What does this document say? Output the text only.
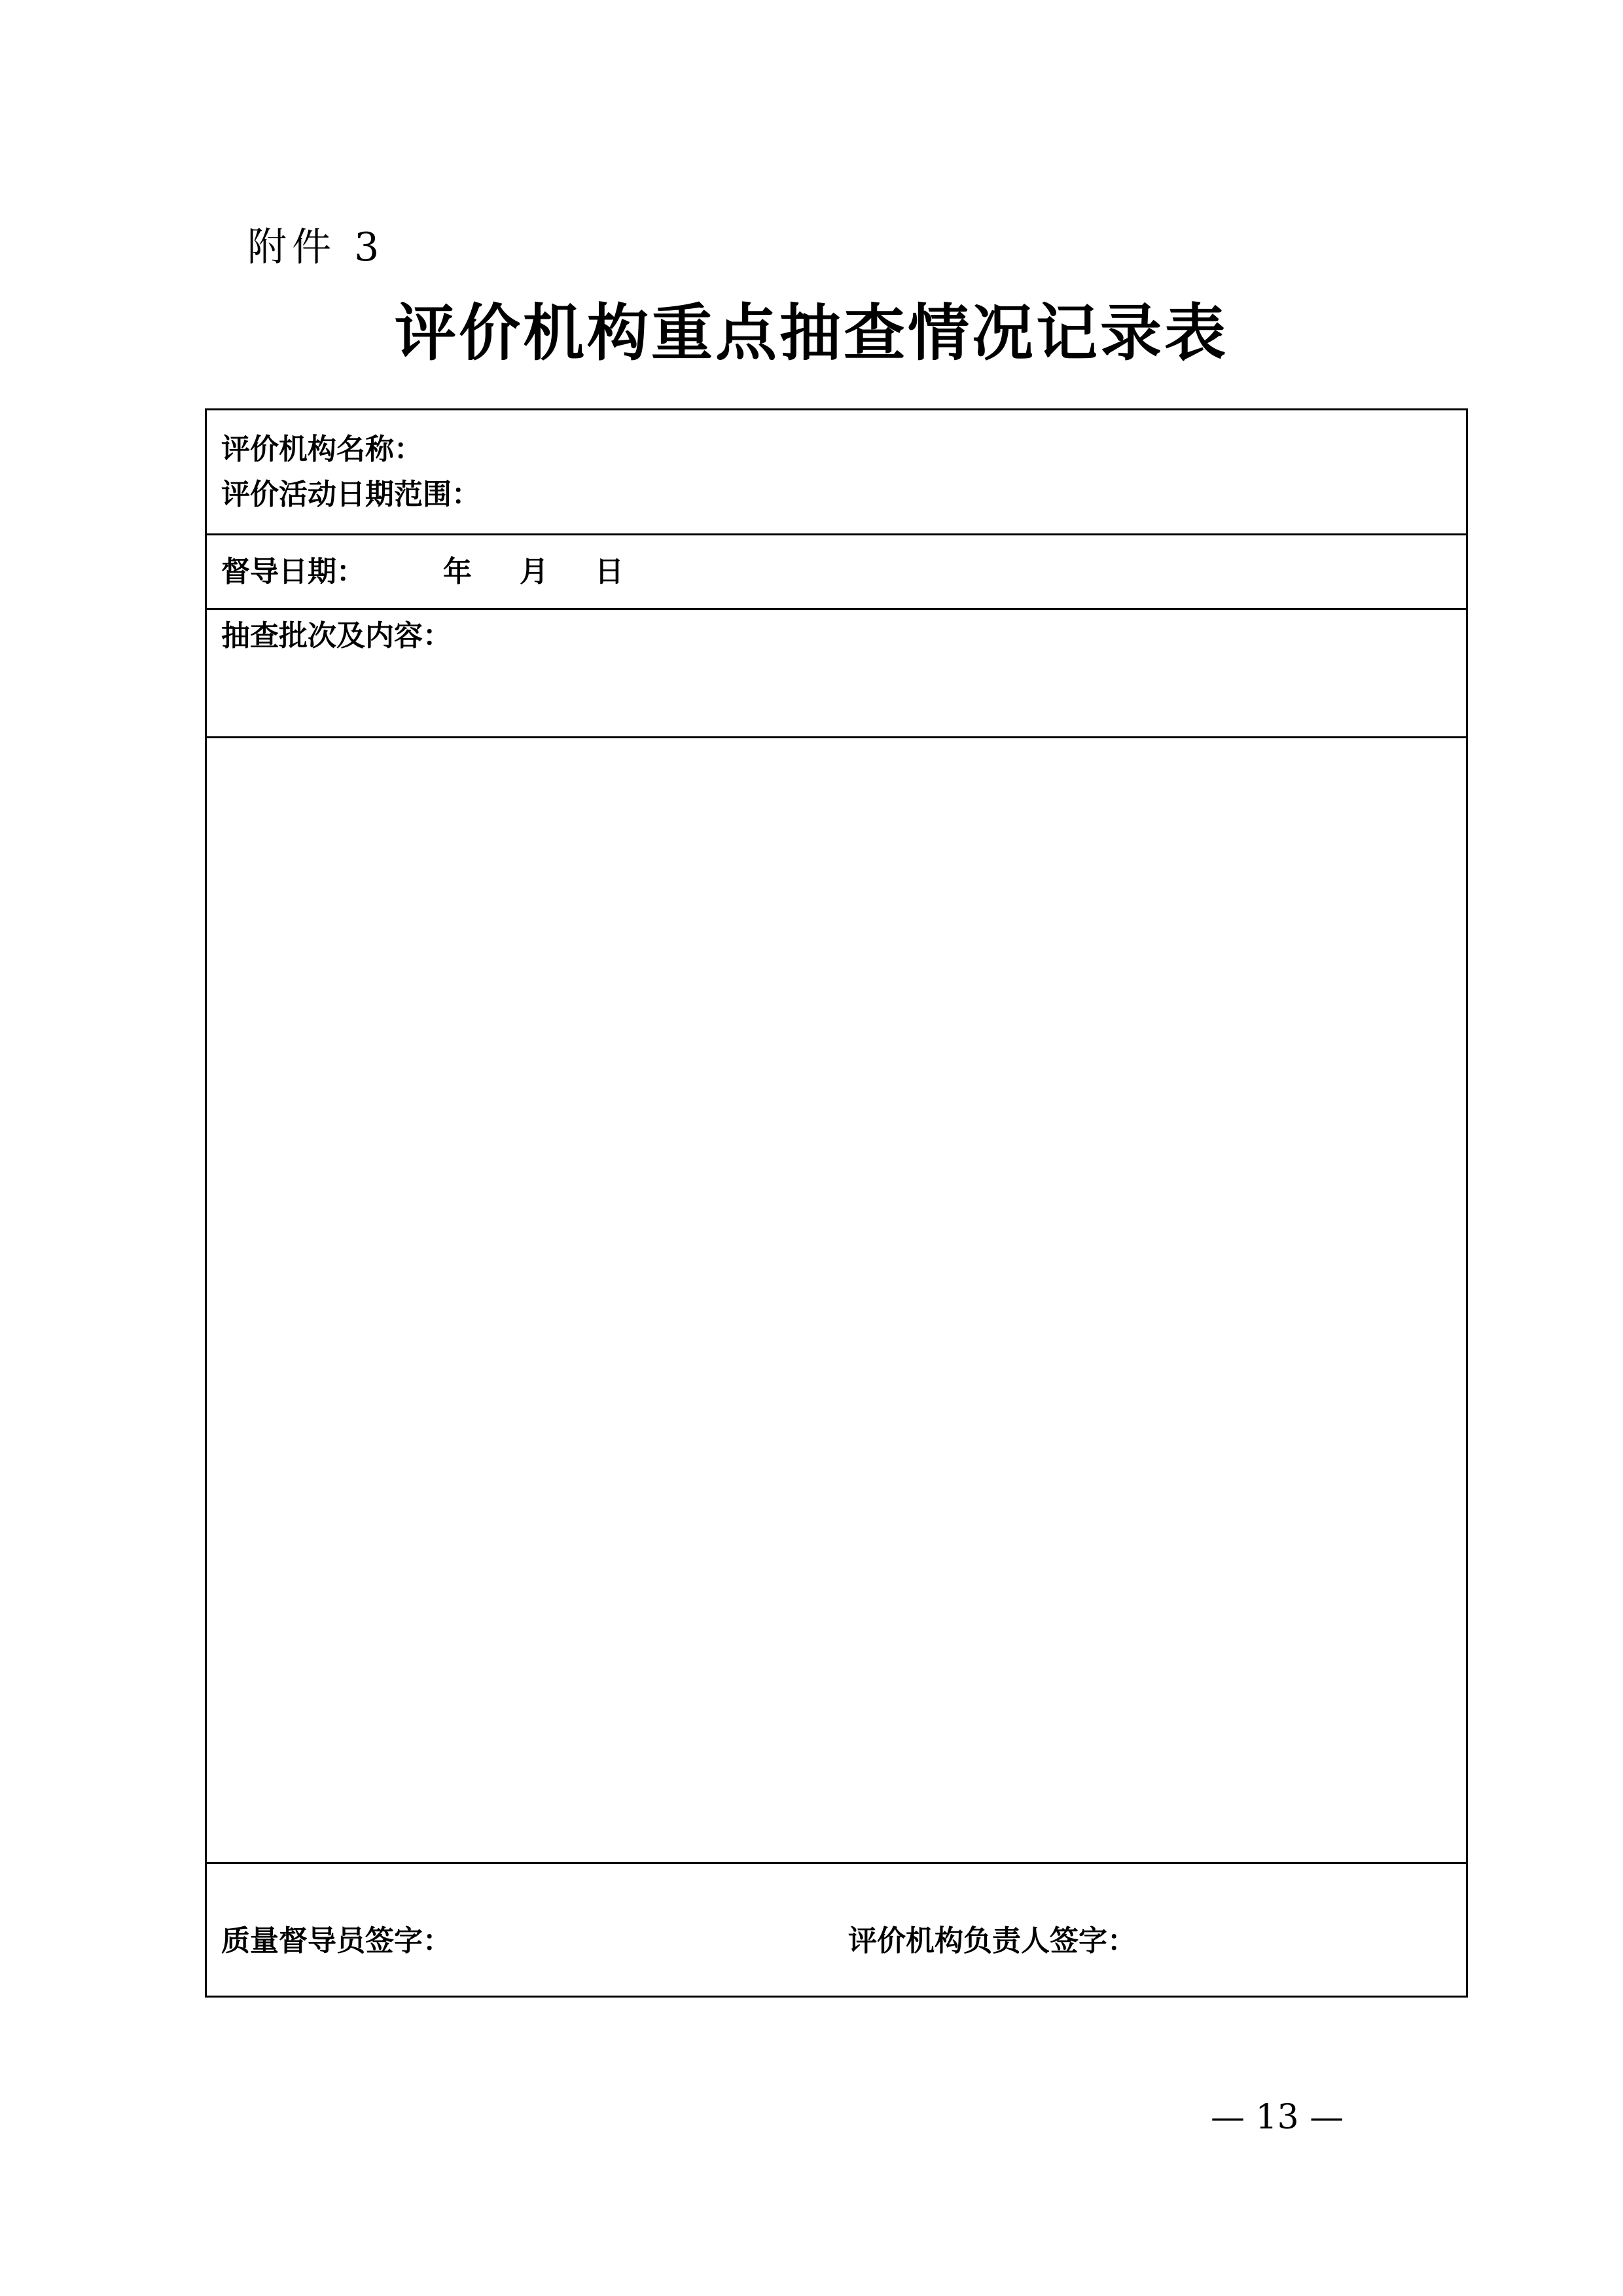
附件 3
评价机构重点抽查情况记录表
评价机构名称：
评价活动日期范围：
督导日期：	年 月 日
抽查批次及内容：
质量督导员签字：	评价机构负责人签字：
— 13 —
